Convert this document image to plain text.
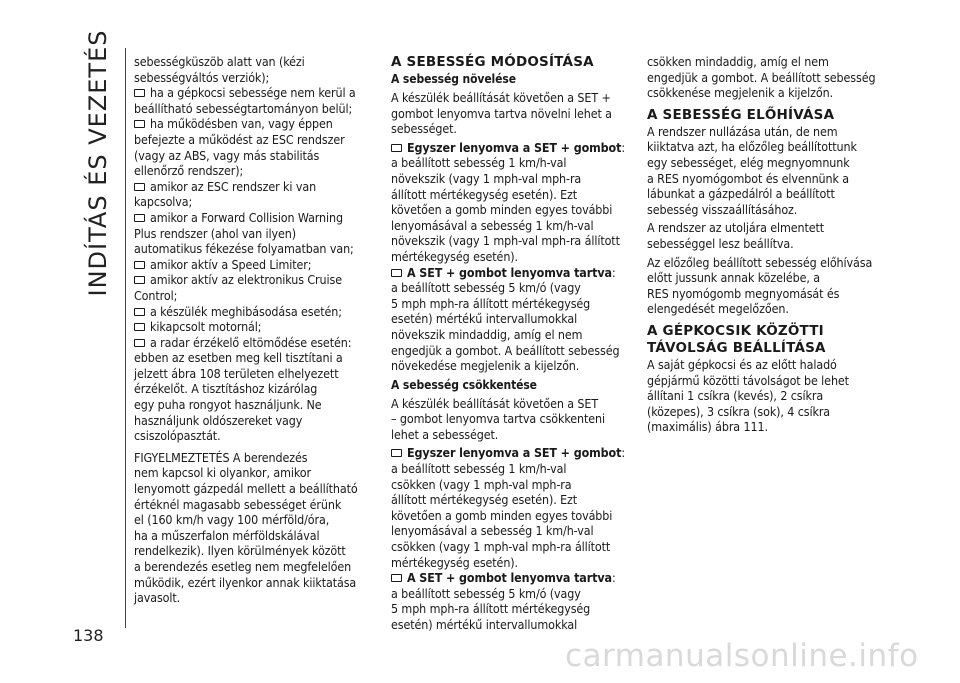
INDÍTÁS ÉS VEZETÉS
138
sebességküszöb alatt van (kézi
sebességváltós verziók);
ha a gépkocsi sebessége nem kerül a
beállítható sebességtartományon belül;
ha működésben van, vagy éppen
befejezte a működést az ESC rendszer
(vagy az ABS, vagy más stabilitás
ellenőrző rendszer);
amikor az ESC rendszer ki van
kapcsolva;
amikor a Forward Collision Warning
Plus rendszer (ahol van ilyen)
automatikus fékezése folyamatban van;
amikor aktív a Speed Limiter;
amikor aktív az elektronikus Cruise
Control;
a készülék meghibásodása esetén;
kikapcsolt motornál;
a radar érzékelő eltömődése esetén:
ebben az esetben meg kell tisztítani a
jelzett ábra 108 területen elhelyezett
érzékelőt. A tisztításhoz kizárólag
egy puha rongyot használjunk. Ne
használjunk oldószereket vagy
csiszolópasztát.
FIGYELMEZTETÉS A berendezés
nem kapcsol ki olyankor, amikor
lenyomott gázpedál mellett a beállítható
értéknél magasabb sebességet érünk
el (160 km/h vagy 100 mérföld/óra,
ha a műszerfalon mérföldskálával
rendelkezik). Ilyen körülmények között
a berendezés esetleg nem megfelelően
működik, ezért ilyenkor annak kiiktatása
javasolt.
A SEBESSÉG MÓDOSÍTÁSA
A sebesség növelése
A készülék beállítását követően a SET +
gombot lenyomva tartva növelni lehet a
sebességet.
Egyszer lenyomva a SET + gombot:
a beállított sebesség 1 km/h-val
növekszik (vagy 1 mph-val mph-ra
állított mértékegység esetén). Ezt
követően a gomb minden egyes további
lenyomásával a sebesség 1 km/h-val
növekszik (vagy 1 mph-val mph-ra állított
mértékegység esetén).
A SET + gombot lenyomva tartva:
a beállított sebesség 5 km/ó (vagy
5 mph mph-ra állított mértékegység
esetén) mértékű intervallumokkal
növekszik mindaddig, amíg el nem
engedjük a gombot. A beállított sebesség
növekedése megjelenik a kijelzőn.
A sebesség csökkentése
A készülék beállítását követően a SET
– gombot lenyomva tartva csökkenteni
lehet a sebességet.
Egyszer lenyomva a SET + gombot:
a beállított sebesség 1 km/h-val
csökken (vagy 1 mph-val mph-ra
állított mértékegység esetén). Ezt
követően a gomb minden egyes további
lenyomásával a sebesség 1 km/h-val
csökken (vagy 1 mph-val mph-ra állított
mértékegység esetén).
A SET + gombot lenyomva tartva:
a beállított sebesség 5 km/ó (vagy
5 mph mph-ra állított mértékegység
esetén) mértékű intervallumokkal
csökken mindaddig, amíg el nem
engedjük a gombot. A beállított sebesség
csökkenése megjelenik a kijelzőn.
A SEBESSÉG ELŐHÍVÁSA
A rendszer nullázása után, de nem
kiiktatva azt, ha előzőleg beállítottunk
egy sebességet, elég megnyomnunk
a RES nyomógombot és elvennünk a
lábunkat a gázpedálról a beállított
sebesség visszaállításához.
A rendszer az utoljára elmentett
sebességgel lesz beállítva.
Az előzőleg beállított sebesség előhívása
előtt jussunk annak közelébe, a
RES nyomógomb megnyomását és
elengedését megelőzően.
A GÉPKOCSIK KÖZÖTTI
TÁVOLSÁG BEÁLLÍTÁSA
A saját gépkocsi és az előtt haladó
gépjármű közötti távolságot be lehet
állítani 1 csíkra (kevés), 2 csíkra
(közepes), 3 csíkra (sok), 4 csíkra
(maximális) ábra 111.
carmanualsonline.info
